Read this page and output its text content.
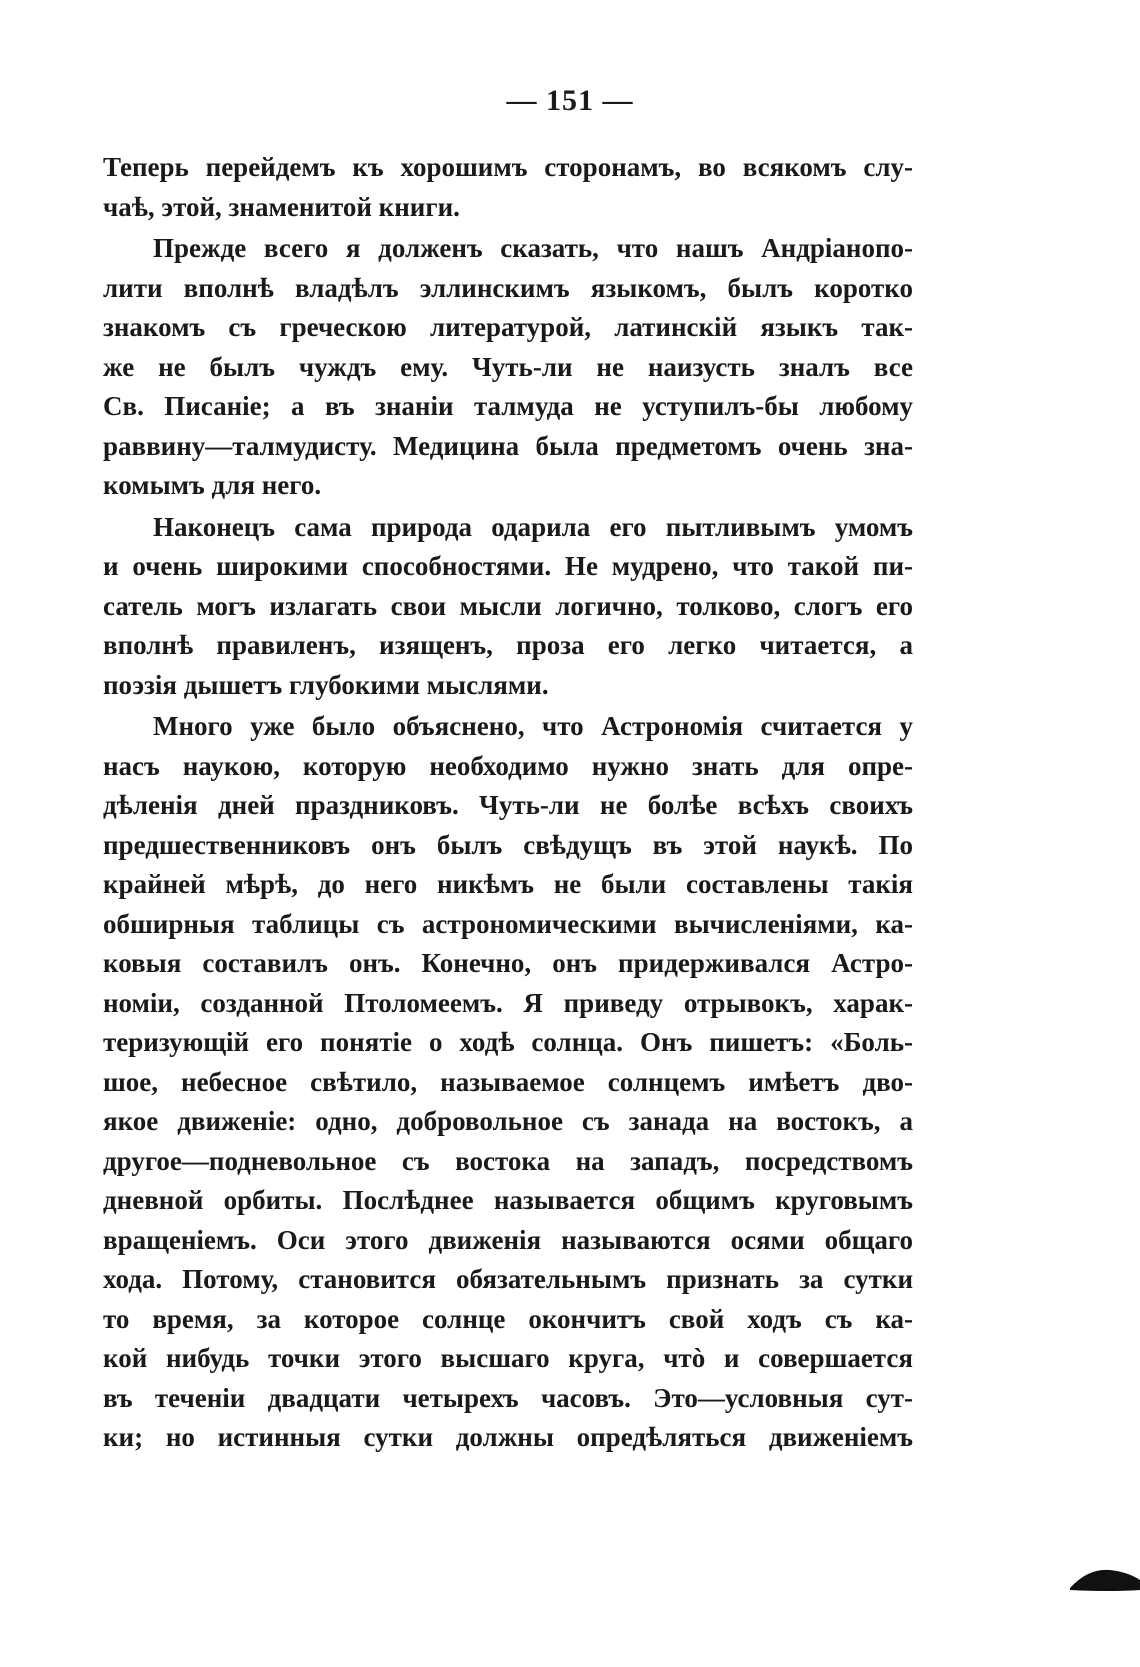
— 151 —
Теперь перейдемъ къ хорошимъ сторонамъ, во всякомъ слу-
чаѣ, этой, знаменитой книги.
Прежде всего я долженъ сказать, что нашъ Андріанопо-
лити вполнѣ владѣлъ эллинскимъ языкомъ, былъ коротко
знакомъ съ греческою литературой, латинскій языкъ так-
же не былъ чуждъ ему. Чуть-ли не наизусть зналъ все
Св. Писаніе; а въ знаніи талмуда не уступилъ-бы любому
раввину—талмудисту. Медицина была предметомъ очень зна-
комымъ для него.
Наконецъ сама природа одарила его пытливымъ умомъ
и очень широкими способностями. Не мудрено, что такой пи-
сатель могъ излагать свои мысли логично, толково, слогъ его
вполнѣ правиленъ, изященъ, проза его легко читается, а
поэзія дышетъ глубокими мыслями.
Много уже было объяснено, что Астрономія считается у
насъ наукою, которую необходимо нужно знать для опре-
дѣленія дней праздниковъ. Чуть-ли не болѣе всѣхъ своихъ
предшественниковъ онъ былъ свѣдущъ въ этой наукѣ. По
крайней мѣрѣ, до него никѣмъ не были составлены такія
обширныя таблицы съ астрономическими вычисленіями, ка-
ковыя составилъ онъ. Конечно, онъ придерживался Астро-
номіи, созданной Птоломеемъ. Я приведу отрывокъ, харак-
теризующій его понятіе о ходѣ солнца. Онъ пишетъ: «Боль-
шое, небесное свѣтило, называемое солнцемъ имѣетъ дво-
якое движеніе: одно, добровольное съ занада на востокъ, а
другое—подневольное съ востока на западъ, посредствомъ
дневной орбиты. Послѣднее называется общимъ круговымъ
вращеніемъ. Оси этого движенія называются осями общаго
хода. Потому, становится обязательнымъ признать за сутки
то время, за которое солнце окончитъ свой ходъ съ ка-
кой нибудь точки этого высшаго круга, чтò и совершается
въ теченіи двадцати четырехъ часовъ. Это—условныя сут-
ки; но истинныя сутки должны опредѣляться движеніемъ
